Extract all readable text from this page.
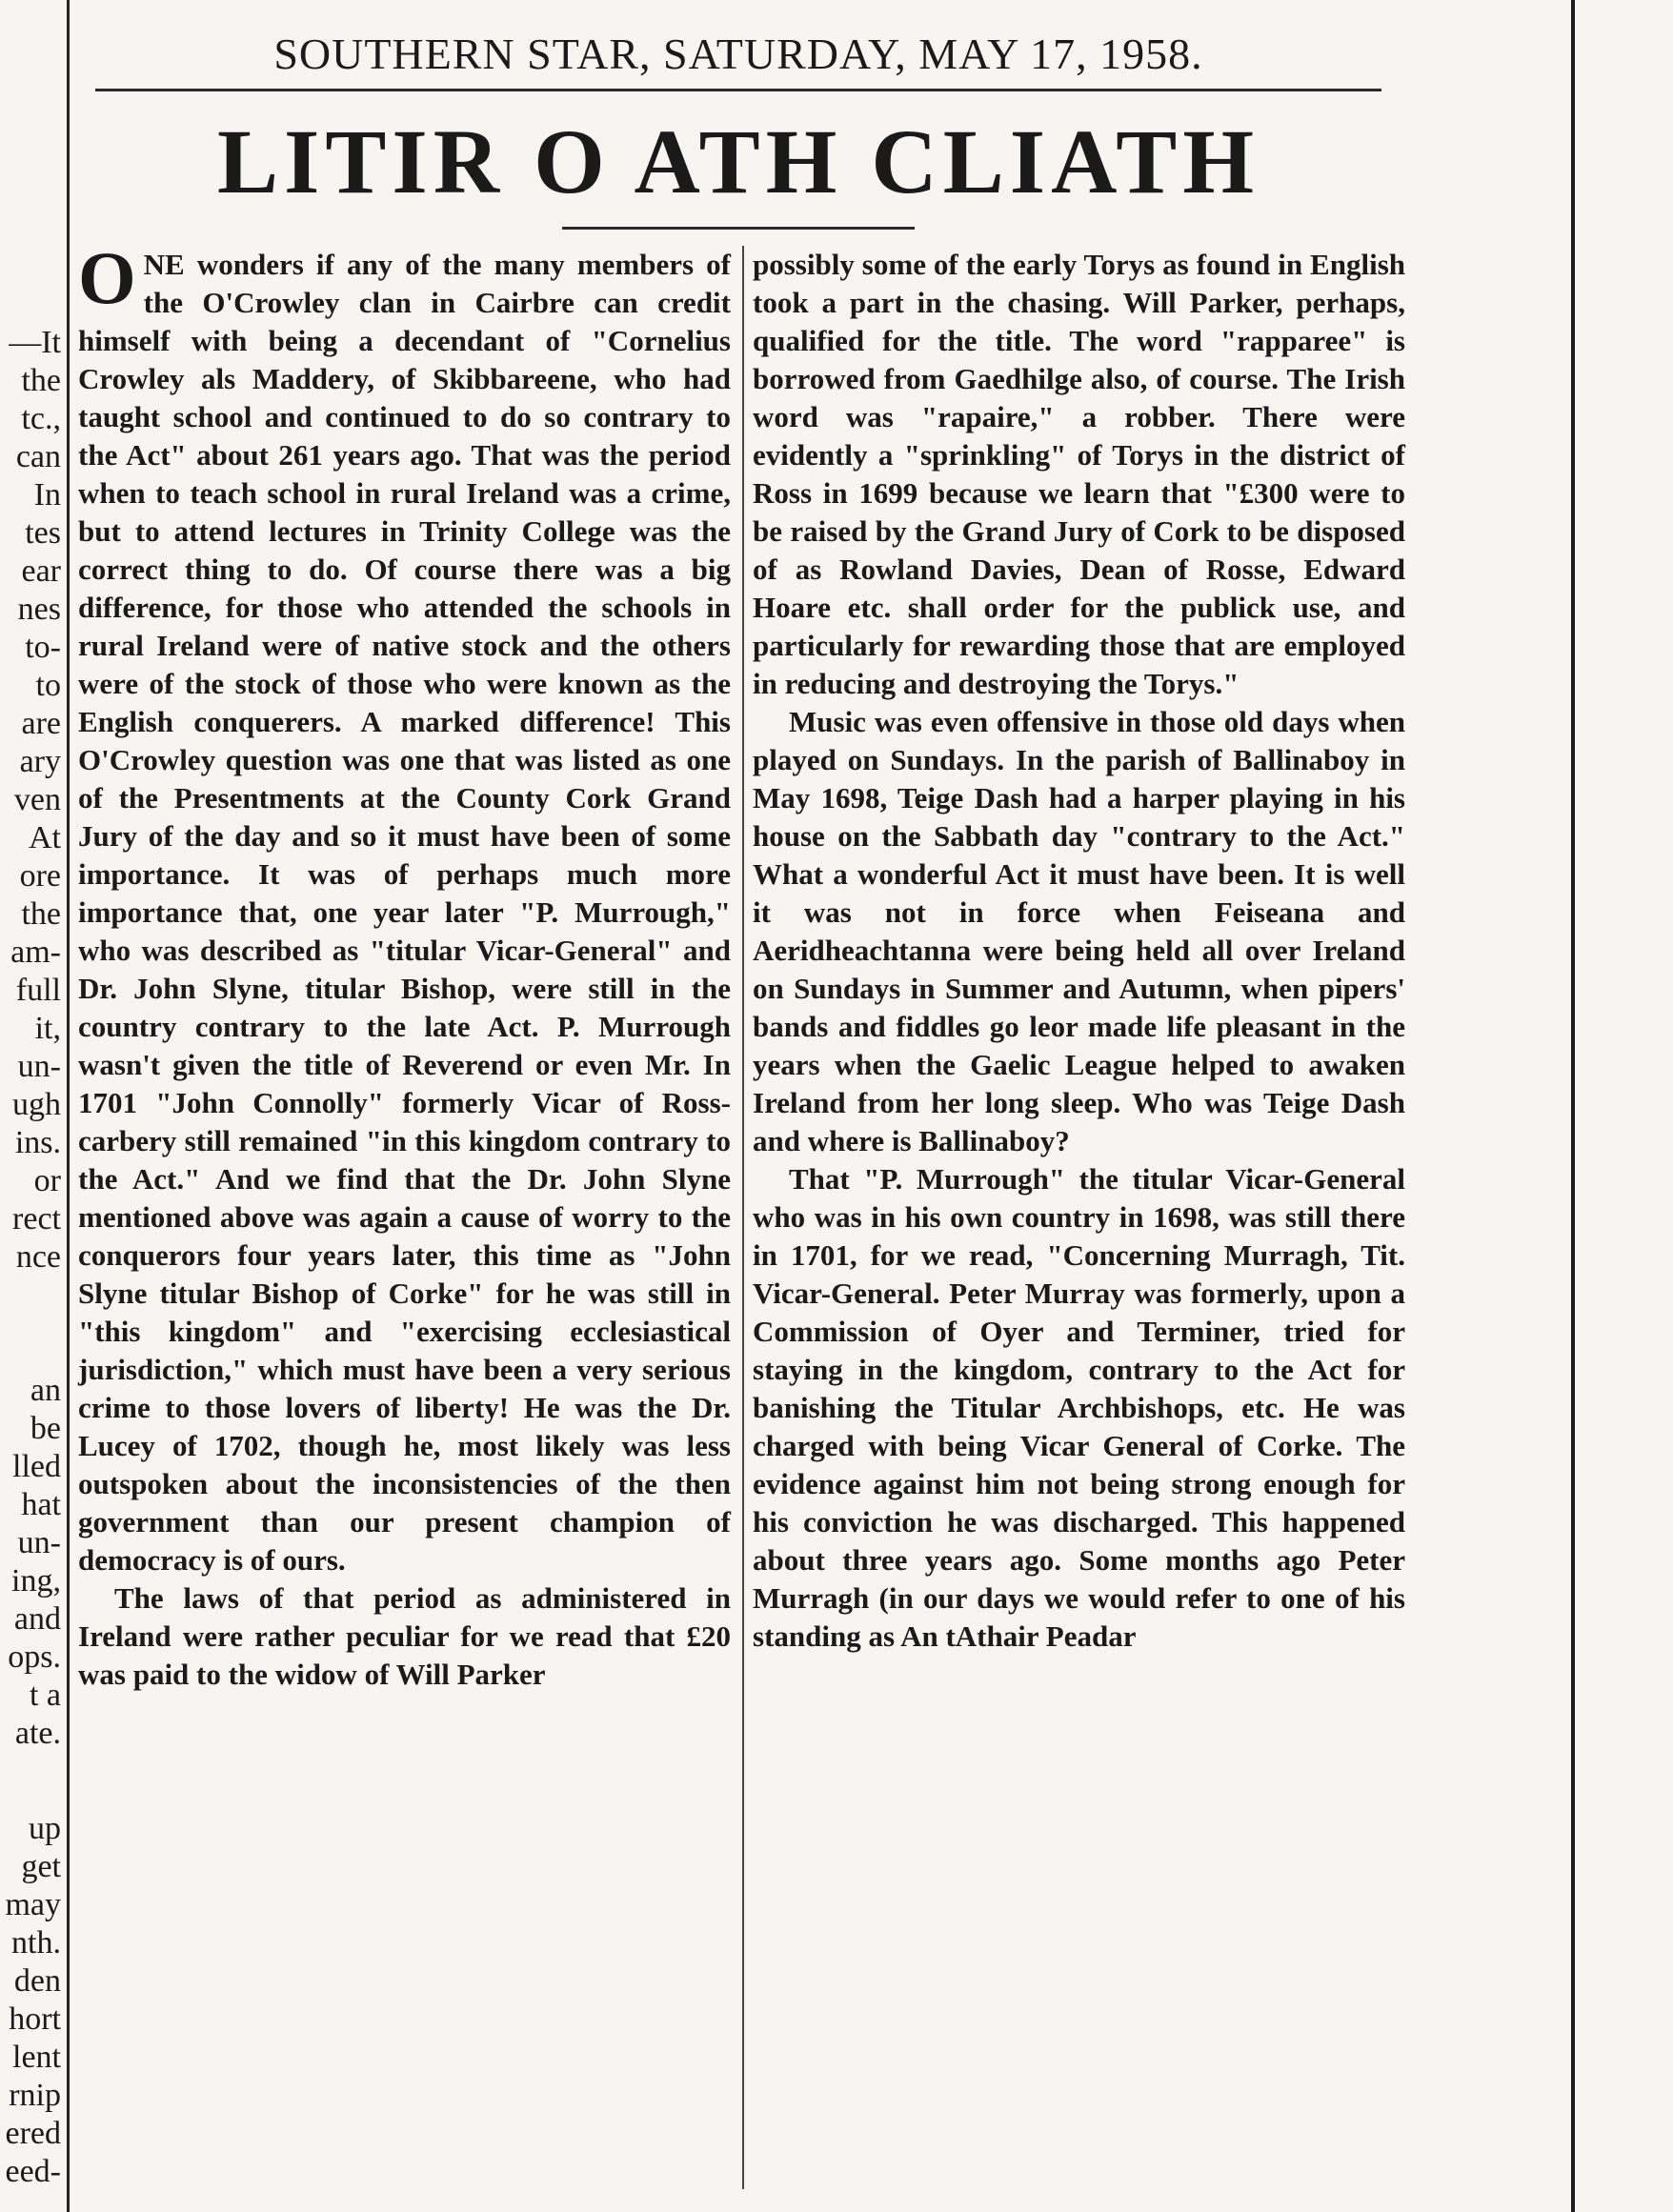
—It
the
tc.,
can
In
tes
ear
nes
to-
to
are
ary
ven
At
ore
the
am-
full
it,
un-
ugh
ins.
or
rect
nce
an
be
lled
hat
un-
ing,
and
ops.
t a
ate.
up
get
may
nth.
den
hort
lent
rnip
ered
eed-
SOUTHERN STAR, SATURDAY, MAY 17, 1958.
LITIR O ATH CLIATH

ONE wonders if any of the many members of the O'Crowley clan in Cairbre can credit himself with being a decendant of "Cornelius Crowley als Maddery, of Skibbareene, who had taught school and continued to do so contrary to the Act" about 261 years ago. That was the period when to teach school in rural Ireland was a crime, but to attend lectures in Trinity College was the correct thing to do. Of course there was a big difference, for those who attended the schools in rural Ireland were of native stock and the others were of the stock of those who were known as the English conquerers. A marked difference! This O'Crowley question was one that was listed as one of the Presentments at the County Cork Grand Jury of the day and so it must have been of some importance. It was of perhaps much more importance that, one year later "P. Murrough," who was described as "titular Vicar-General" and Dr. John Slyne, titular Bishop, were still in the country contrary to the late Act. P. Murrough wasn't given the title of Reverend or even Mr. In 1701 "John Connolly" formerly Vicar of Rosscarbery still remained "in this kingdom contrary to the Act." And we find that the Dr. John Slyne mentioned above was again a cause of worry to the conquerors four years later, this time as "John Slyne titular Bishop of Corke" for he was still in "this kingdom" and "exercising ecclesiastical jurisdiction," which must have been a very serious crime to those lovers of liberty! He was the Dr. Lucey of 1702, though he, most likely was less outspoken about the inconsistencies of the then government than our present champion of democracy is of ours.

The laws of that period as administered in Ireland were rather peculiar for we read that £20 was paid to the widow of Will Parker

possibly some of the early Torys as found in English took a part in the chasing. Will Parker, perhaps, qualified for the title. The word "rapparee" is borrowed from Gaedhilge also, of course. The Irish word was "rapaire," a robber. There were evidently a "sprinkling" of Torys in the district of Ross in 1699 because we learn that "£300 were to be raised by the Grand Jury of Cork to be disposed of as Rowland Davies, Dean of Rosse, Edward Hoare etc. shall order for the publick use, and particularly for rewarding those that are employed in reducing and destroying the Torys."

Music was even offensive in those old days when played on Sundays. In the parish of Ballinaboy in May 1698, Teige Dash had a harper playing in his house on the Sabbath day "contrary to the Act." What a wonderful Act it must have been. It is well it was not in force when Feiseana and Aeridheachtanna were being held all over Ireland on Sundays in Summer and Autumn, when pipers' bands and fiddles go leor made life pleasant in the years when the Gaelic League helped to awaken Ireland from her long sleep. Who was Teige Dash and where is Ballinaboy?

That "P. Murrough" the titular Vicar-General who was in his own country in 1698, was still there in 1701, for we read, "Concerning Murragh, Tit. Vicar-General. Peter Murray was formerly, upon a Commission of Oyer and Terminer, tried for staying in the kingdom, contrary to the Act for banishing the Titular Archbishops, etc. He was charged with being Vicar General of Corke. The evidence against him not being strong enough for his conviction he was discharged. This happened about three years ago. Some months ago Peter Murragh (in our days we would refer to one of his standing as An tAthair Peadar
